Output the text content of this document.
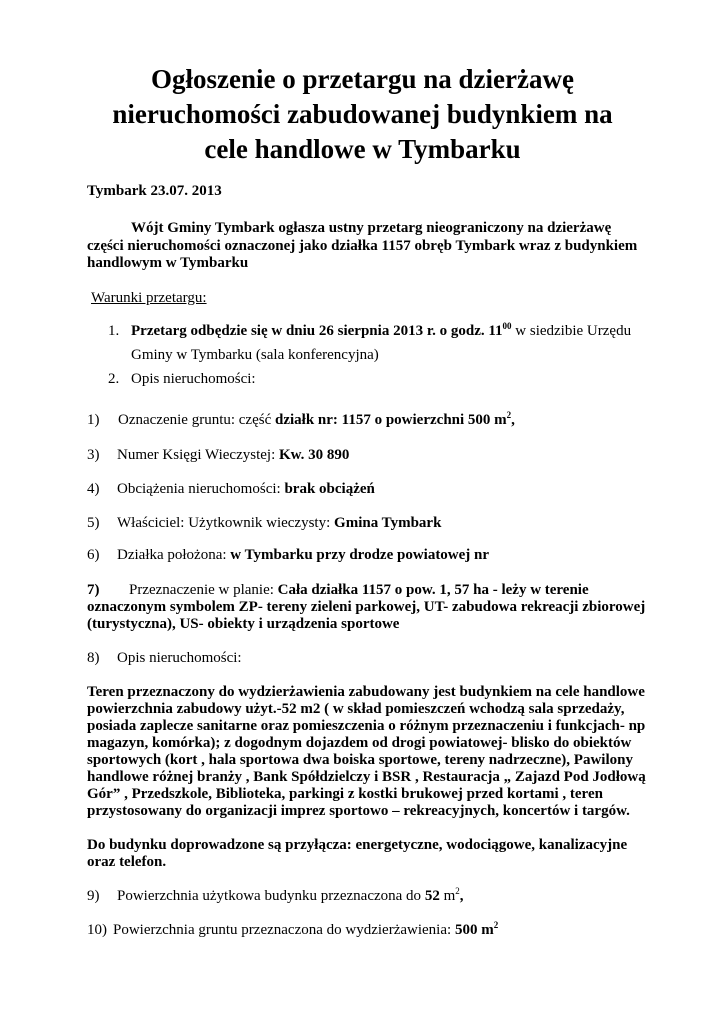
Ogłoszenie o przetargu na dzierżawę
nieruchomości zabudowanej budynkiem na
cele handlowe w Tymbarku
Tymbark 23.07. 2013
Wójt Gminy Tymbark ogłasza ustny przetarg nieograniczony na dzierżawę
części nieruchomości oznaczonej jako działka 1157 obręb Tymbark wraz z budynkiem
handlowym w Tymbarku
Warunki przetargu:
1. Przetarg odbędzie się w dniu 26 sierpnia 2013 r. o godz. $11^{00}$ w siedzibie Urzędu
Gminy w Tymbarku (sala konferencyjna)
2. Opis nieruchomości:
1) Oznaczenie gruntu: część działk nr: 1157 o powierzchni 500 $m^2$,
3) Numer Księgi Wieczystej: Kw. 30 890
4) Obciążenia nieruchomości: brak obciążeń
5) Właściciel: Użytkownik wieczysty: Gmina Tymbark
6) Działka położona: w Tymbarku przy drodze powiatowej nr
7) Przeznaczenie w planie: Cała działka 1157 o pow. 1, 57 ha - leży w terenie
oznaczonym symbolem ZP- tereny zieleni parkowej, UT- zabudowa rekreacji zbiorowej
(turystyczna), US- obiekty i urządzenia sportowe
8) Opis nieruchomości:
Teren przeznaczony do wydzierżawienia zabudowany jest budynkiem na cele handlowe
powierzchnia zabudowy użyt.-52 m2 ( w skład pomieszczeń wchodzą sala sprzedaży,
posiada zaplecze sanitarne oraz pomieszczenia o różnym przeznaczeniu i funkcjach- np
magazyn, komórka); z dogodnym dojazdem od drogi powiatowej- blisko do obiektów
sportowych (kort , hala sportowa dwa boiska sportowe, tereny nadrzeczne), Pawilony
handlowe różnej branży , Bank Spółdzielczy i BSR , Restauracja „ Zajazd Pod Jodłową
Gór” , Przedszkole, Biblioteka, parkingi z kostki brukowej przed kortami , teren
przystosowany do organizacji imprez sportowo – rekreacyjnych, koncertów i targów.
Do budynku doprowadzone są przyłącza: energetyczne, wodociągowe, kanalizacyjne
oraz telefon.
9) Powierzchnia użytkowa budynku przeznaczona do 52 $m^2$,
10) Powierzchnia gruntu przeznaczona do wydzierżawienia: 500 $m^2$
